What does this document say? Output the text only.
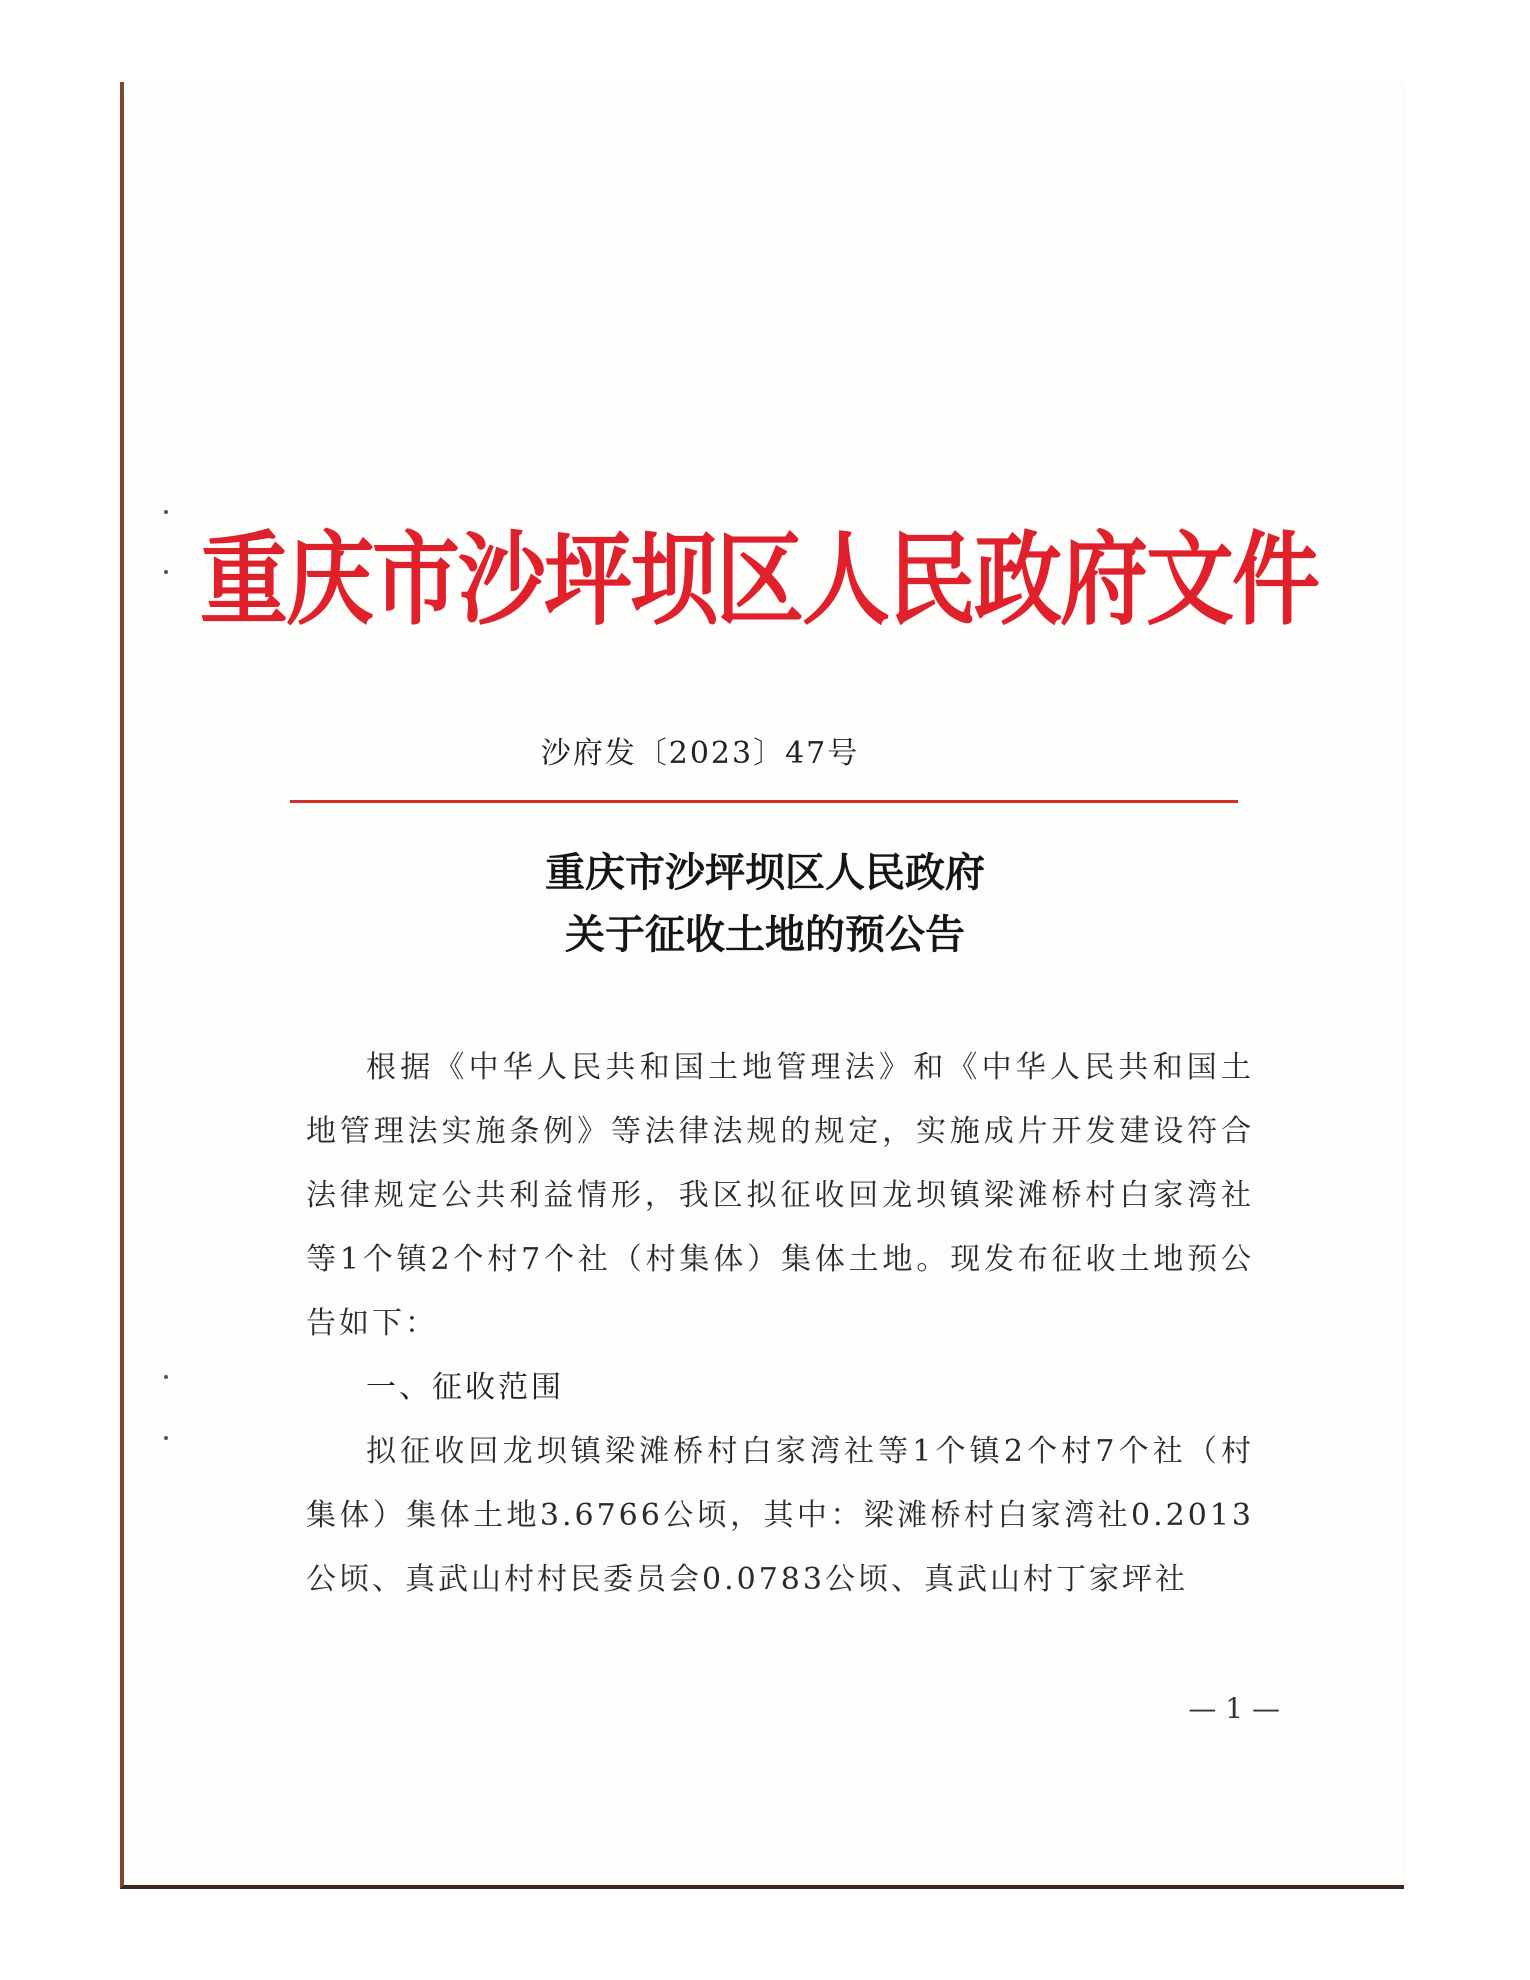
重庆市沙坪坝区人民政府文件
沙府发〔2023〕47号
重庆市沙坪坝区人民政府
关于征收土地的预公告

根据《中华人民共和国土地管理法》和《中华人民共和国土地管理法实施条例》等法律法规的规定，实施成片开发建设符合法律规定公共利益情形，我区拟征收回龙坝镇梁滩桥村白家湾社等1个镇2个村7个社（村集体）集体土地。现发布征收土地预公告如下：

一、征收范围

拟征收回龙坝镇梁滩桥村白家湾社等1个镇2个村7个社（村集体）集体土地3.6766公顷，其中：梁滩桥村白家湾社0.2013公顷、真武山村村民委员会0.0783公顷、真武山村丁家坪社

— 1 —
